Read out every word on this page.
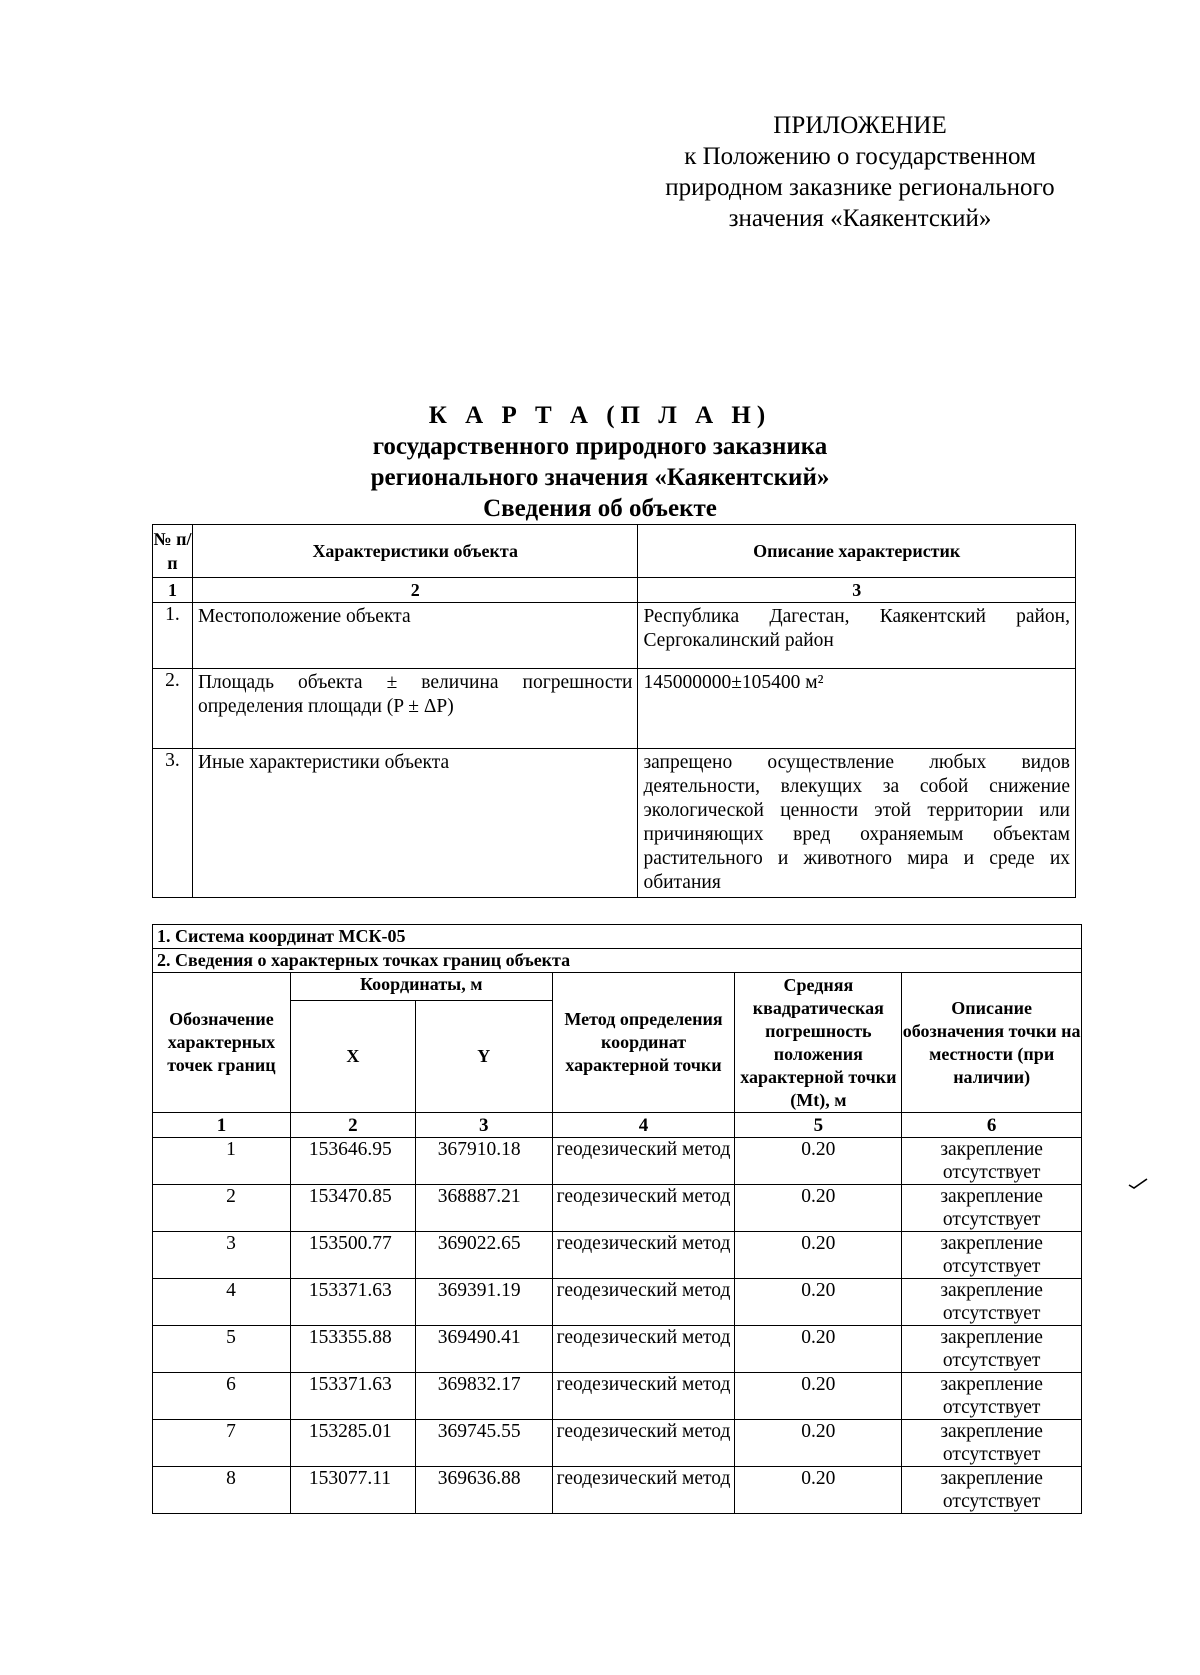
ПРИЛОЖЕНИЕ
к Положению о государственном
природном заказнике регионального
значения «Каякентский»
К А Р Т А (П Л А Н)
государственного природного заказника
регионального значения «Каякентский»
Сведения об объекте
№ п/п	Характеристики объекта	Описание характеристик
1	2	3
1.	Местоположение объекта	Республика Дагестан, Каякентский район, Сергокалинский район
2.	Площадь объекта ± величина погрешности определения площади (P ± ΔP)	145000000±105400 м²
3.	Иные характеристики объекта	запрещено осуществление любых видов деятельности, влекущих за собой снижение экологической ценности этой территории или причиняющих вред охраняемым объектам растительного и животного мира и среде их обитания
1. Система координат МСК-05					
2. Сведения о характерных точках границ объекта					
Обозначение характерных точек границ	Координаты, м		Метод определения координат характерной точки	Средняя квадратическая погрешность положения характерной точки (Mt), м	Описание обозначения точки на местности (при наличии)
	X	Y			
1	2	3	4	5	6
1	153646.95	367910.18	геодезический метод	0.20	закрепление отсутствует
2	153470.85	368887.21	геодезический метод	0.20	закрепление отсутствует
3	153500.77	369022.65	геодезический метод	0.20	закрепление отсутствует
4	153371.63	369391.19	геодезический метод	0.20	закрепление отсутствует
5	153355.88	369490.41	геодезический метод	0.20	закрепление отсутствует
6	153371.63	369832.17	геодезический метод	0.20	закрепление отсутствует
7	153285.01	369745.55	геодезический метод	0.20	закрепление отсутствует
8	153077.11	369636.88	геодезический метод	0.20	закрепление отсутствует
